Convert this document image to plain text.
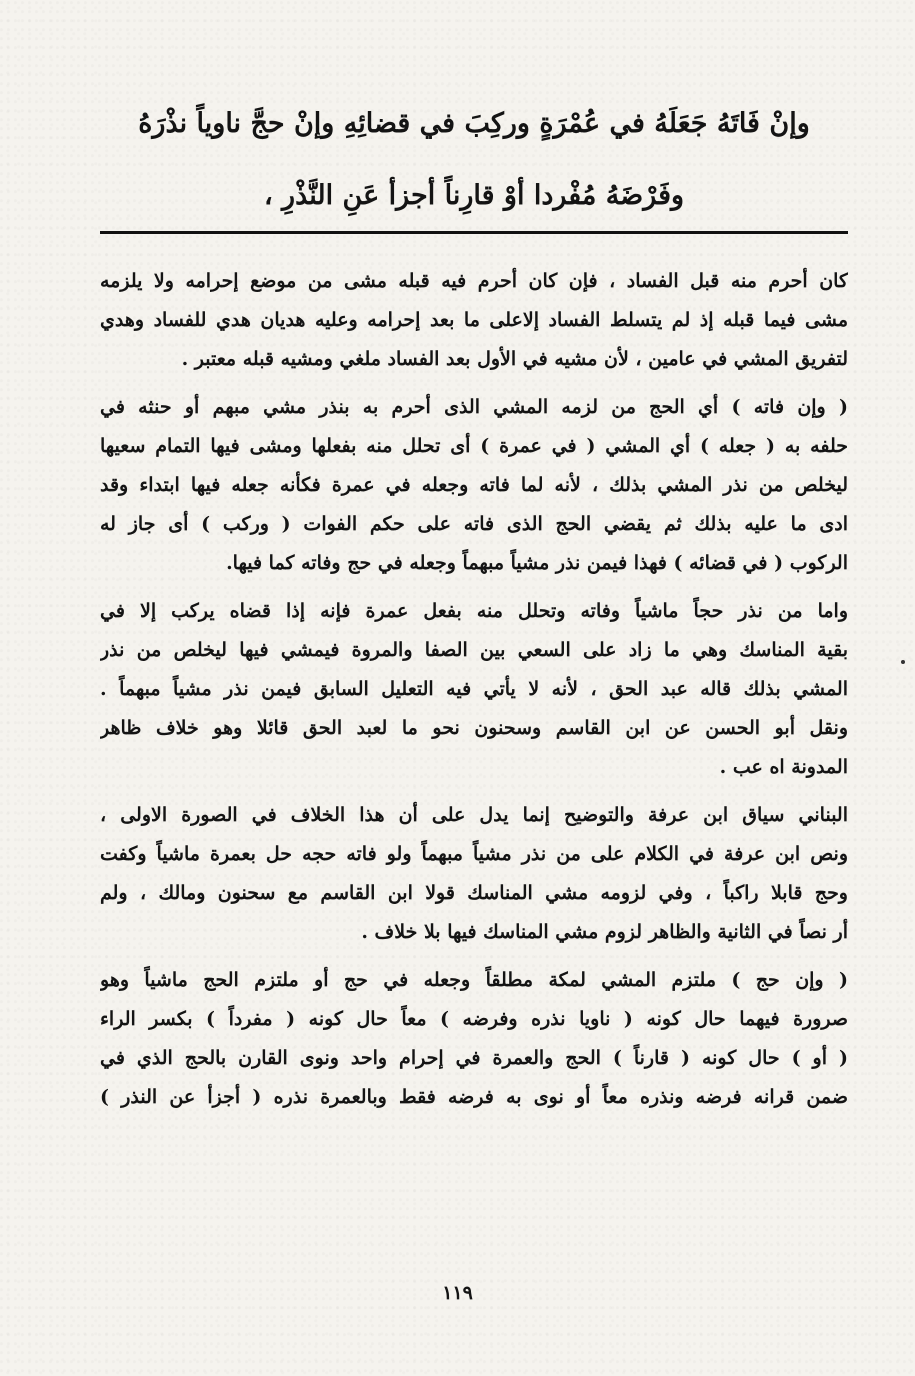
وإنْ فَاتَهُ جَعَلَهُ في عُمْرَةٍ وركِبَ في قضائِهِ وإنْ حجَّ ناوياً نذْرَهُ
وفَرْضَهُ مُفْردا أوْ قارِناً أجزأ عَنِ النَّذْرِ ،
كان أحرم منه قبل الفساد ، فإن كان أحرم فيه قبله مشى من موضع إحرامه ولا يلزمه
مشى فيما قبله إذ لم يتسلط الفساد إلاعلى ما بعد إحرامه وعليه هديان هدي للفساد وهدي
لتفريق المشي في عامين ، لأن مشيه في الأول بعد الفساد ملغي ومشيه قبله معتبر .
( وإن فاته ) أي الحج من لزمه المشي الذى أحرم به بنذر مشي مبهم أو حنثه في
حلفه به ( جعله ) أي المشي ( في عمرة ) أى تحلل منه بفعلها ومشى فيها التمام سعيها
ليخلص من نذر المشي بذلك ، لأنه لما فاته وجعله في عمرة فكأنه جعله فيها ابتداء وقد
ادى ما عليه بذلك ثم يقضي الحج الذى فاته على حكم الفوات ( وركب ) أى جاز له
الركوب ( في قضائه ) فهذا فيمن نذر مشياً مبهماً وجعله في حج وفاته كما فيها.
واما من نذر حجاً ماشياً وفاته وتحلل منه بفعل عمرة فإنه إذا قضاه يركب إلا في
بقية المناسك وهي ما زاد على السعي بين الصفا والمروة فيمشي فيها ليخلص من نذر
المشي بذلك قاله عبد الحق ، لأنه لا يأتي فيه التعليل السابق فيمن نذر مشياً مبهماً .
ونقل أبو الحسن عن ابن القاسم وسحنون نحو ما لعبد الحق قائلا وهو خلاف ظاهر
المدونة اه عب .
البناني سياق ابن عرفة والتوضيح إنما يدل على أن هذا الخلاف في الصورة الاولى ،
ونص ابن عرفة في الكلام على من نذر مشياً مبهماً ولو فاته حجه حل بعمرة ماشياً وكفت
وحج قابلا راكباً ، وفي لزومه مشي المناسك قولا ابن القاسم مع سحنون ومالك ، ولم
أر نصاً في الثانية والظاهر لزوم مشي المناسك فيها بلا خلاف .
( وإن حج ) ملتزم المشي لمكة مطلقاً وجعله في حج أو ملتزم الحج ماشياً وهو
صرورة فيهما حال كونه ( ناويا نذره وفرضه ) معاً حال كونه ( مفرداً ) بكسر الراء
( أو ) حال كونه ( قارناً ) الحج والعمرة في إحرام واحد ونوى القارن بالحج الذي في
ضمن قرانه فرضه ونذره معاً أو نوى به فرضه فقط وبالعمرة نذره ( أجزأ عن النذر )
١١٩
